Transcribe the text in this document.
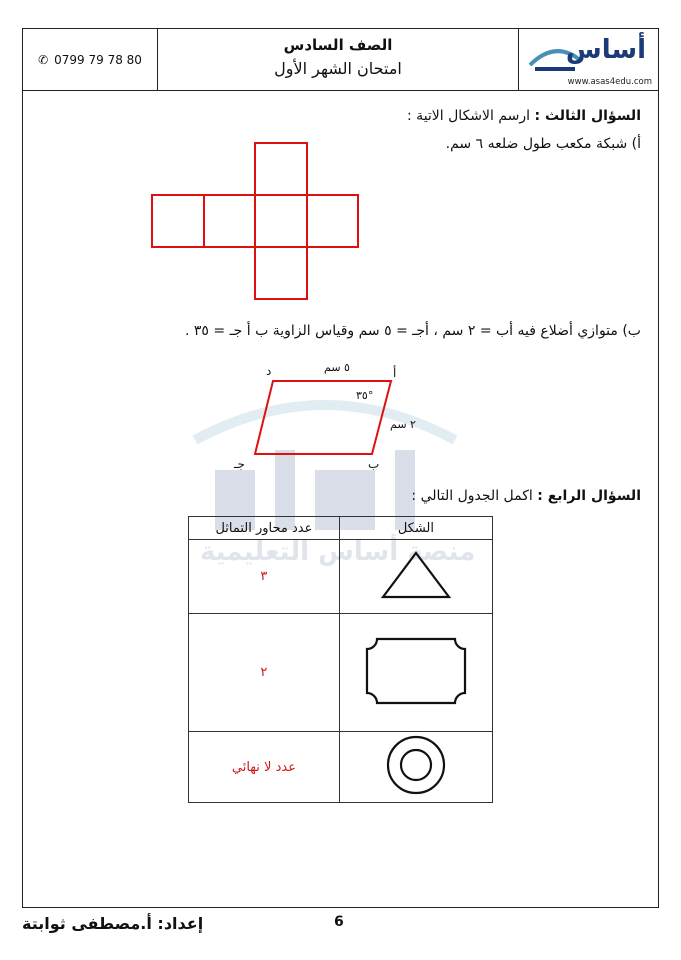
منصة أساس التعليمية
✆ 0799 79 78 80
الصف السادس
امتحان الشهر الأول
أساس
www.asas4edu.com
السؤال الثالث : ارسم الاشكال الاتية :
أ) شبكة مكعب طول ضلعه ٦ سم.
ب) متوازي أضلاع فيه أب = ٢ سم ، أجـ = ٥ سم وقياس الزاوية ب أ جـ = ٣٥ .
أ
د
ب
جـ
٥ سم
٢ سم
°٣٥
السؤال الرابع : اكمل الجدول التالي :
الشكل	عدد محاور التماثل
	٣
	٢
	عدد لا نهائي
إعداد: أ.مصطفى ثوابتة	6
